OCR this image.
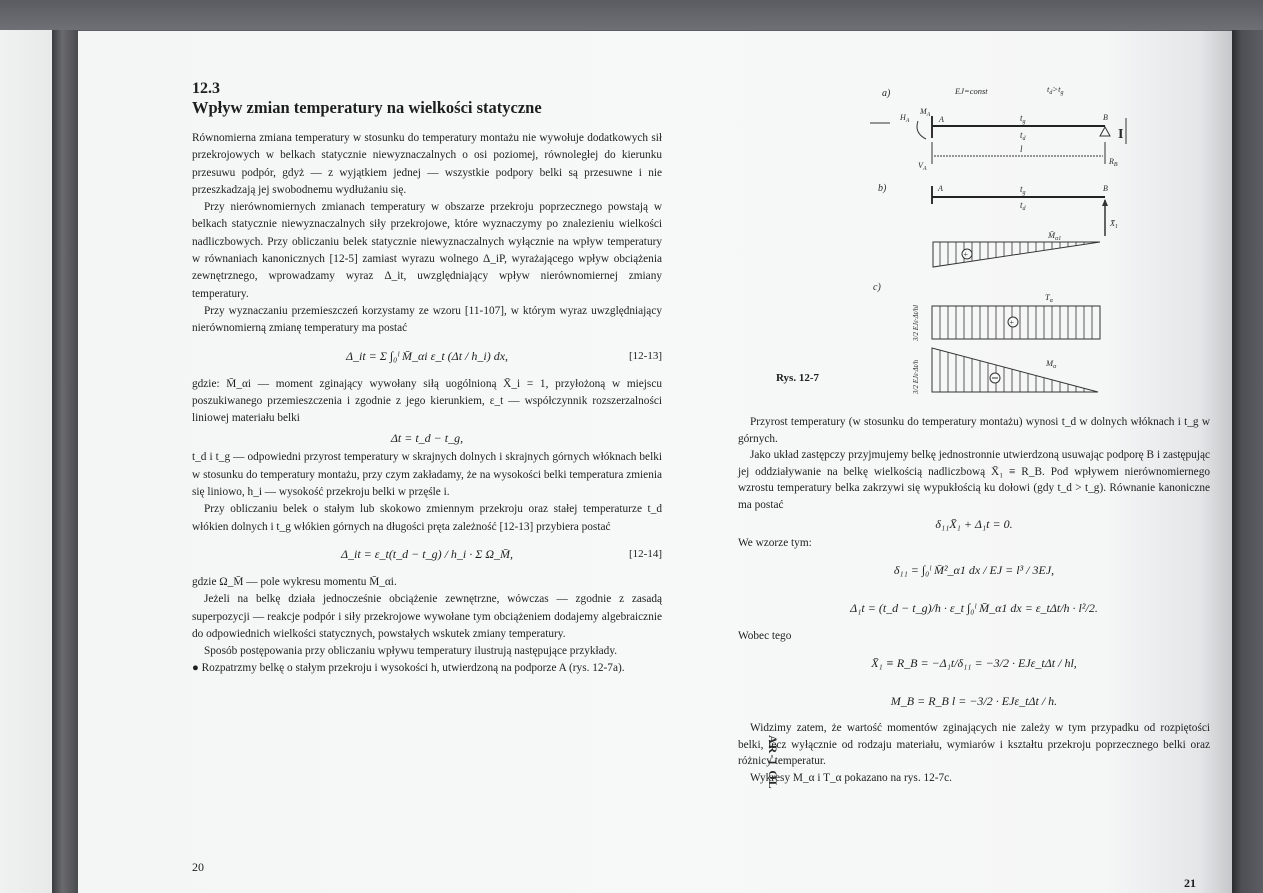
12.3
Wpływ zmian temperatury na wielkości statyczne

Równomierna zmiana temperatury w stosunku do temperatury montażu nie wywołuje dodatkowych sił przekrojowych w belkach statycznie niewyznaczalnych o osi poziomej, równoległej do kierunku przesuwu podpór, gdyż — z wyjątkiem jednej — wszystkie podpory belki są przesuwne i nie przeszkadzają jej swobodnemu wydłużaniu się.

Przy nierównomiernych zmianach temperatury w obszarze przekroju poprzecznego powstają w belkach statycznie niewyznaczalnych siły przekrojowe, które wyznaczymy po znalezieniu wielkości nadliczbowych. Przy obliczaniu belek statycznie niewyznaczalnych wyłącznie na wpływ temperatury w równaniach kanonicznych [12-5] zamiast wyrazu wolnego Δ_iP, wyrażającego wpływ obciążenia zewnętrznego, wprowadzamy wyraz Δ_it, uwzględniający wpływ nierównomiernej zmiany temperatury.

Przy wyznaczaniu przemieszczeń korzystamy ze wzoru [11-107], w którym wyraz uwzględniający nierównomierną zmianę temperatury ma postać

Δ_it =
Σ ∫₀ˡ M̄_αi ε_t (Δt / h_i) dx,	[12-13]

gdzie: M̄_αi — moment zginający wywołany siłą uogólnioną X̄_i = 1, przyłożoną w miejscu poszukiwanego przemieszczenia i zgodnie z jego kierunkiem, ε_t — współczynnik rozszerzalności liniowej materiału belki

Δt = t_d − t_g,

t_d i t_g — odpowiedni przyrost temperatury w skrajnych dolnych i skrajnych górnych włóknach belki w stosunku do temperatury montażu, przy czym zakładamy, że na wysokości belki temperatura zmienia się liniowo, h_i — wysokość przekroju belki w przęśle i.

Przy obliczaniu belek o stałym lub skokowo zmiennym przekroju oraz stałej temperaturze t_d włókien dolnych i t_g włókien górnych na długości pręta zależność [12-13] przybiera postać

Δ_it =
ε_t(t_d − t_g) / h_i · Σ Ω_M̄,	[12-14]

gdzie Ω_M̄ — pole wykresu momentu M̄_αi.

Jeżeli na belkę działa jednocześnie obciążenie zewnętrzne, wówczas — zgodnie z zasadą superpozycji — reakcje podpór i siły przekrojowe wywołane tym obciążeniem dodajemy algebraicznie do odpowiednich wielkości statycznych, powstałych wskutek zmiany temperatury.

Sposób postępowania przy obliczaniu wpływu temperatury ilustrują następujące przykłady.

● Rozpatrzmy belkę o stałym przekroju i wysokości h, utwierdzoną na podporze A (rys. 12-7a).

20
a)	EJ=const	$t_d>t_g$
$H_A$
$M_A$ A	$t_g$
$t_d$
B
I
l
$V_A$
$R_B$
b)	A	$t_g$
$t_d$
B
$X̄_1$
$M̄_{\alpha 1}$
+
c)
$T_\alpha$
+
3/2 EJε·Δt/hl
$M_\alpha$
3/2 EJε·Δt/h
Rys. 12-7

Przyrost temperatury (w stosunku do temperatury montażu) wynosi t_d w dolnych włóknach i t_g w górnych.

Jako układ zastępczy przyjmujemy belkę jednostronnie utwierdzoną usuwając podporę B i zastępując jej oddziaływanie na belkę wielkością nadliczbową X̄₁ ≡ R_B. Pod wpływem nierównomiernego wzrostu temperatury belka zakrzywi się wypukłością ku dołowi (gdy t_d > t_g). Równanie kanoniczne ma postać

δ₁₁X̄₁ + Δ₁t = 0.

We wzorze tym:

δ₁₁ = ∫₀ˡ M̄²_α1 dx / EJ = l³ / 3EJ,
Δ₁t = (t_d − t_g)/h · ε_t ∫₀ˡ M̄_α1 dx = ε_tΔt/h · l²/2.

Wobec tego

X̄₁ ≡ R_B = −Δ₁t/δ₁₁ = −3/2 · EJε_tΔt / hl,
M_B = R_B l = −3/2 · EJε_tΔt / h.

Widzimy zatem, że wartość momentów zginających nie zależy w tym przypadku od rozpiętości belki, lecz wyłącznie od rodzaju materiału, wymiarów i kształtu przekroju poprzecznego belki oraz różnicy temperatur.

Wykresy M_α i T_α pokazano na rys. 12-7c.

AR-1 OL
21
